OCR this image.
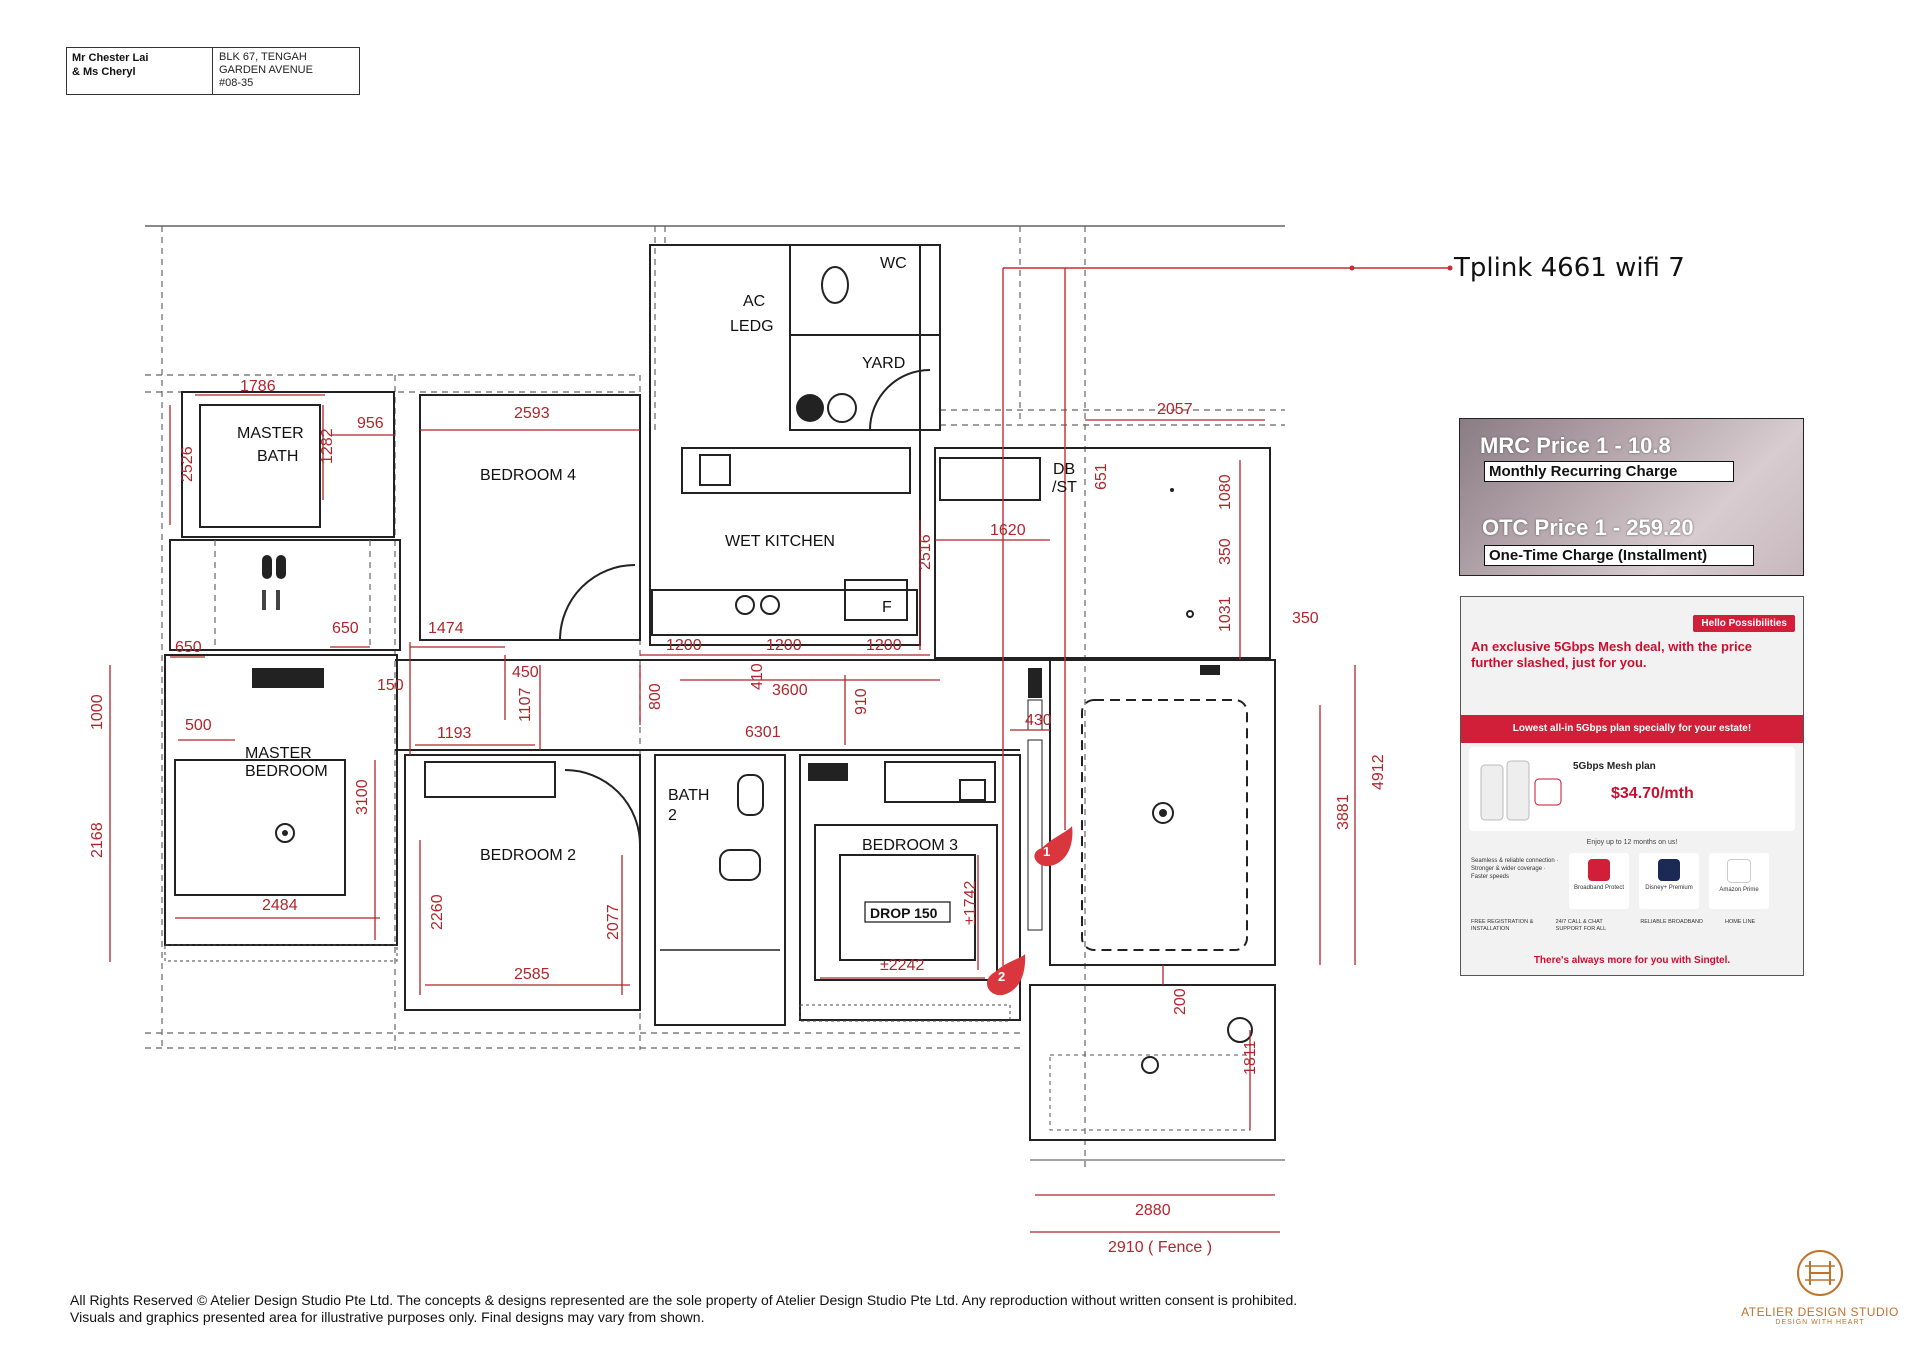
Mr Chester Lai
& Ms Cheryl
BLK 67, TENGAH
GARDEN AVENUE
#08-35
WC
AC
LEDG
YARD
MASTER
BATH
BEDROOM 4
WET KITCHEN
F
DB
/ST
MASTER
BEDROOM
BEDROOM 2
BATH
2
BEDROOM 3
DROP 150
1786
2526
1282
956
2593	2057
651	1080
1620
2516	350
1031	350
1474
650
650	1200	1200	1200
150
1000
450	410
3600
800	910
1107
500	1193	6301
430
4912
3881
3100
2168
2484	2260	2077
2585
±1742
±2242
200
1811
2880
2910 ( Fence )
1
2
Tplink 4661 wifi 7
MRC Price 1 - 10.8
Monthly Recurring Charge
OTC Price 1 - 259.20
One-Time Charge (Installment)
Hello Possibilities
An exclusive 5Gbps Mesh deal, with the price further slashed, just for you.
Lowest all-in 5Gbps plan specially for your estate!
5Gbps Mesh plan
$34.70/mth
Enjoy up to 12 months on us!
Seamless & reliable connection · Stronger & wider coverage · Faster speeds
Broadband Protect	Disney+ Premium	Amazon Prime
FREE REGISTRATION & INSTALLATION
24/7 CALL & CHAT SUPPORT FOR ALL
RELIABLE BROADBAND	HOME LINE
There's always more for you with Singtel.
All Rights Reserved © Atelier Design Studio Pte Ltd. The concepts & designs represented are the sole property of Atelier Design Studio Pte Ltd. Any reproduction without written consent is prohibited.
Visuals and graphics presented area for illustrative purposes only. Final designs may vary from shown.	ATELIER DESIGN STUDIO
DESIGN WITH HEART
